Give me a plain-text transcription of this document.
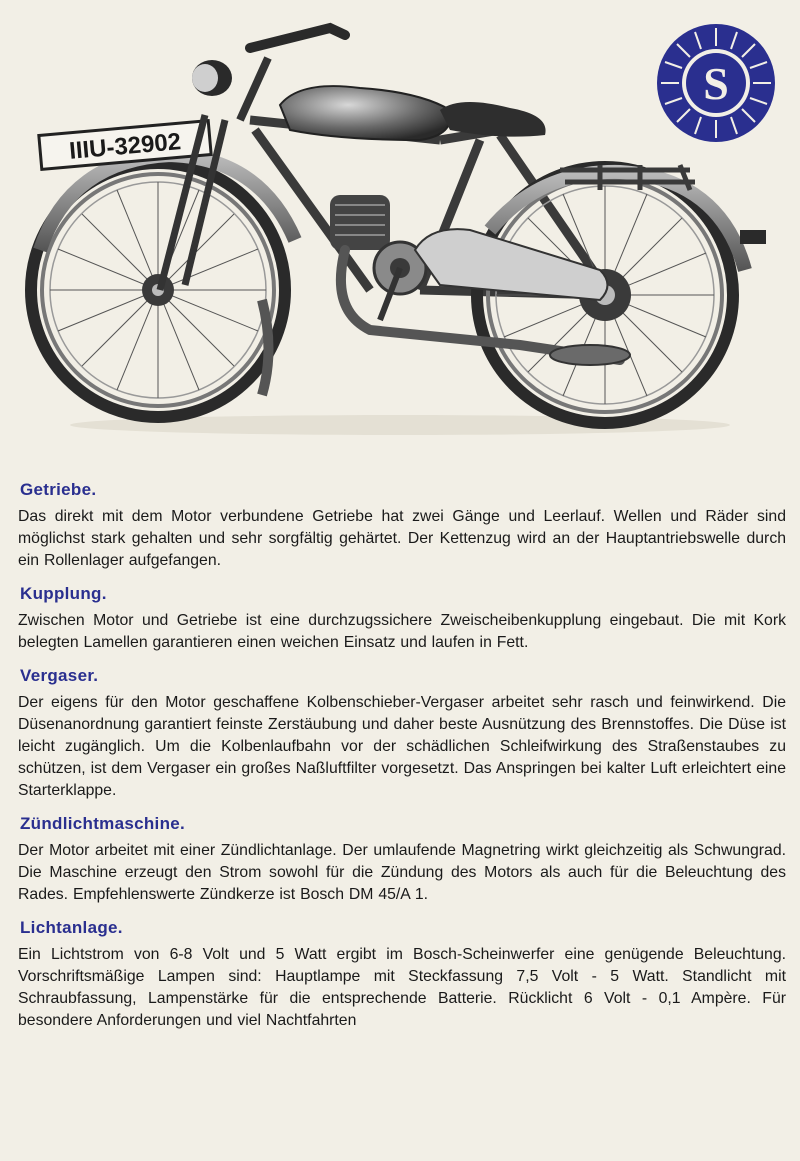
IIIU-32902
S
Getriebe.

Das direkt mit dem Motor verbundene Getriebe hat zwei Gänge und Leerlauf. Wellen und Räder sind möglichst stark gehalten und sehr sorgfältig gehärtet. Der Kettenzug wird an der Hauptantriebswelle durch ein Rollenlager aufgefangen.

Kupplung.

Zwischen Motor und Getriebe ist eine durchzugssichere Zweischeibenkupplung eingebaut. Die mit Kork belegten Lamellen garantieren einen weichen Einsatz und laufen in Fett.

Vergaser.

Der eigens für den Motor geschaffene Kolbenschieber-Vergaser arbeitet sehr rasch und feinwirkend. Die Düsenanordnung garantiert feinste Zerstäubung und daher beste Ausnützung des Brennstoffes. Die Düse ist leicht zugänglich. Um die Kolbenlaufbahn vor der schädlichen Schleifwirkung des Straßenstaubes zu schützen, ist dem Vergaser ein großes Naßluftfilter vorgesetzt. Das Anspringen bei kalter Luft erleichtert eine Starterklappe.

Zündlichtmaschine.

Der Motor arbeitet mit einer Zündlichtanlage. Der umlaufende Magnetring wirkt gleichzeitig als Schwungrad. Die Maschine erzeugt den Strom sowohl für die Zündung des Motors als auch für die Beleuchtung des Rades. Empfehlenswerte Zündkerze ist Bosch DM 45/A 1.

Lichtanlage.

Ein Lichtstrom von 6-8 Volt und 5 Watt ergibt im Bosch-Scheinwerfer eine genügende Beleuchtung. Vorschriftsmäßige Lampen sind: Hauptlampe mit Steckfassung 7,5 Volt - 5 Watt. Standlicht mit Schraubfassung, Lampenstärke für die entsprechende Batterie. Rücklicht 6 Volt - 0,1 Ampère. Für besondere Anforderungen und viel Nachtfahrten
